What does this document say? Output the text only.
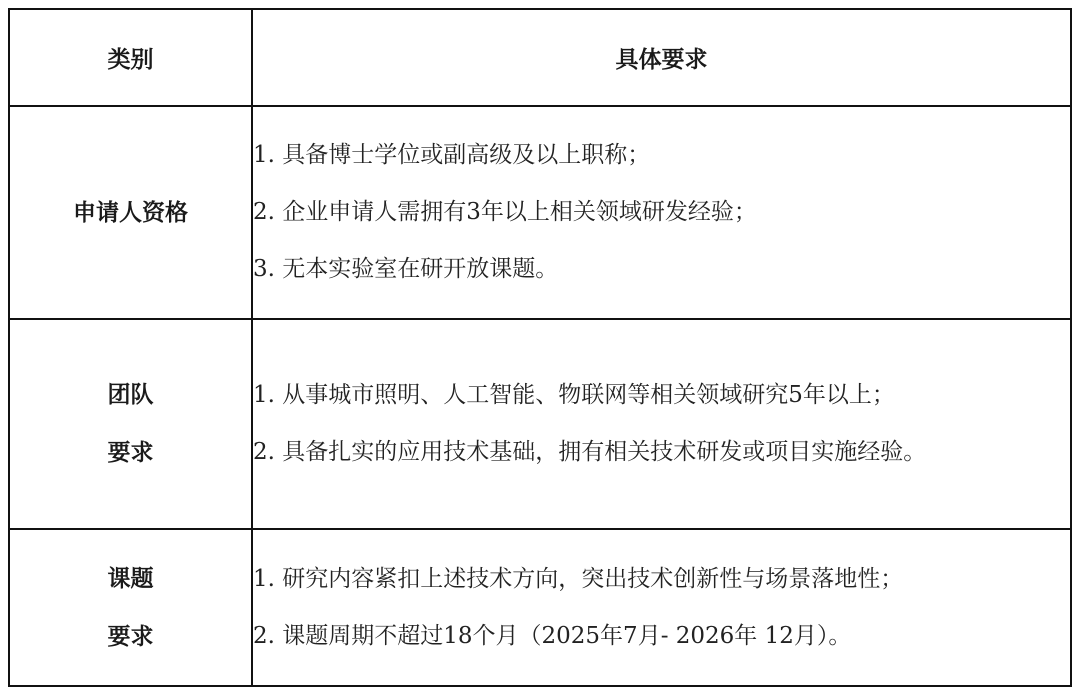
类别	具体要求

申请人资格	1. 具备博士学位或副高级及以上职称；
2. 企业申请人需拥有3年以上相关领域研发经验；
3. 无本实验室在研开放课题。

团队
要求	1. 从事城市照明、人工智能、物联网等相关领域研究5年以上；
2. 具备扎实的应用技术基础，拥有相关技术研发或项目实施经验。

课题
要求	1. 研究内容紧扣上述技术方向，突出技术创新性与场景落地性；
2. 课题周期不超过18个月（2025年7月- 2026年 12月）。
